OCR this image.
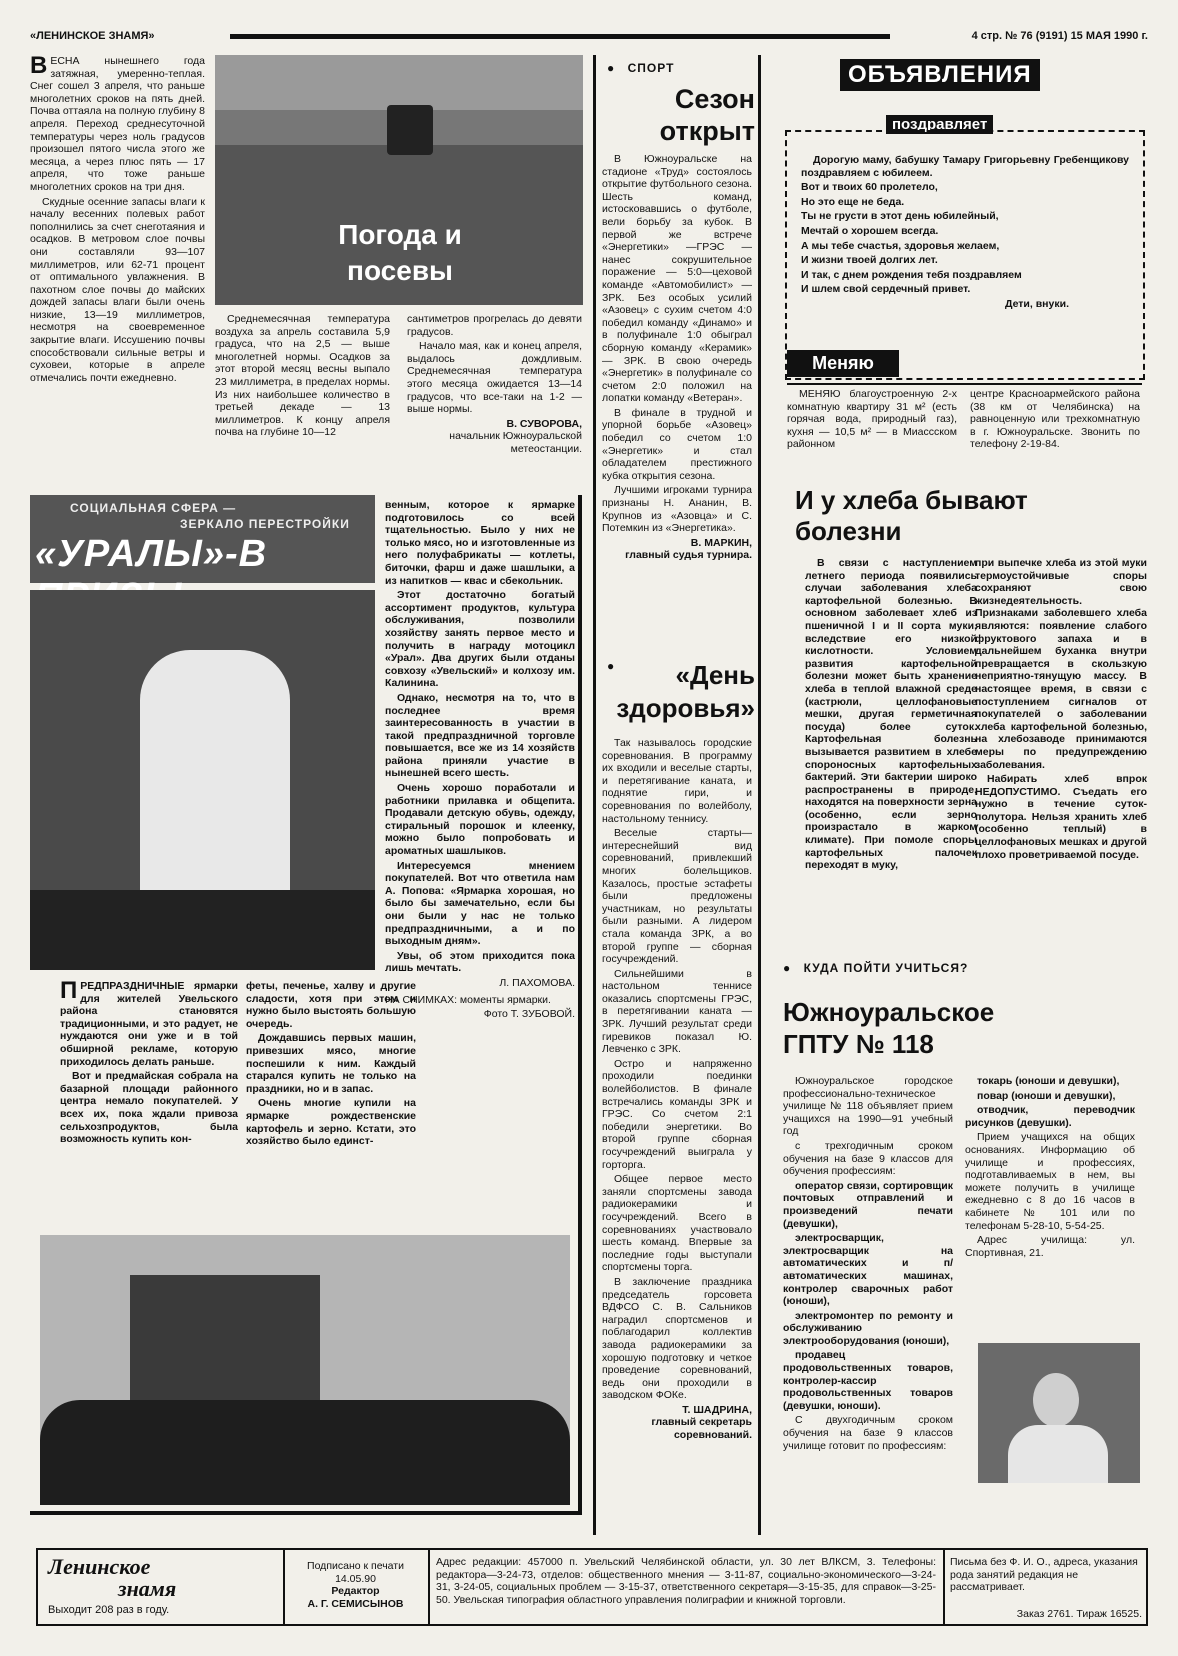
«ЛЕНИНСКОЕ ЗНАМЯ»	4 стр. № 76 (9191) 15 МАЯ 1990 г.
В ЕСНА нынешнего года затяжная, умеренно-теплая. Снег сошел 3 апреля, что раньше многолетних сроков на пять дней. Почва оттаяла на полную глубину 8 апреля. Переход среднесуточной температуры через ноль градусов произошел пятого числа этого же месяца, а через плюс пять — 17 апреля, что тоже раньше многолетних сроков на три дня.

Скудные осенние запасы влаги к началу весенних полевых работ пополнились за счет снеготаяния и осадков. В метровом слое почвы они составляли 93—107 миллиметров, или 62-71 процент от оптимального увлажнения. В пахотном слое почвы до майских дождей запасы влаги были очень низкие, 13—19 миллиметров, несмотря на своевременное закрытие влаги. Иссушению почвы способствовали сильные ветры и суховеи, которые в апреле отмечались почти ежедневно.

Погода и посевы

Среднемесячная температура воздуха за апрель составила 5,9 градуса, что на 2,5 — выше многолетней нормы. Осадков за этот второй месяц весны выпало 23 миллиметра, в пределах нормы. Из них наибольшее количество в третьей декаде — 13 миллиметров. К концу апреля почва на глубине 10—12

сантиметров прогрелась до девяти градусов.

Начало мая, как и конец апреля, выдалось дождливым. Среднемесячная температура этого месяца ожидается 13—14 градусов, что все-таки на 1-2 — выше нормы.

В. СУВОРОВА,
начальник Южноуральской метеостанции.
СОЦИАЛЬНАЯ СФЕРА —
ЗЕРКАЛО ПЕРЕСТРОЙКИ
«УРАЛЫ»-В
П РЕДПРАЗДНИЧНЫЕ ярмарки для жителей Увельского района становятся традиционными, и это радует, не нуждаются они уже и в той обширной рекламе, которую приходилось делать раньше.

Вот и предмайская собрала на базарной площади районного центра немало покупателей. У всех их, пока ждали привоза сельхозпродуктов, была возможность купить кон-

феты, печенье, халву и другие сладости, хотя при этом и нужно было выстоять большую очередь.

Дождавшись первых машин, привезших мясо, многие поспешили к ним. Каждый старался купить не только на праздники, но и в запас.

Очень многие купили на ярмарке рождественские картофель и зерно. Кстати, это хозяйство было единст-

венным, которое к ярмарке подготовилось со всей тщательностью. Было у них не только мясо, но и изготовленные из него полуфабрикаты — котлеты, биточки, фарш и даже шашлыки, а из напитков — квас и сбекольник.

Этот достаточно богатый ассортимент продуктов, культура обслуживания, позволили хозяйству занять первое место и получить в награду мотоцикл «Урал». Два других были отданы совхозу «Увельский» и колхозу им. Калинина.

Однако, несмотря на то, что в последнее время заинтересованность в участии в такой предпраздничной торговле повышается, все же из 14 хозяйств района приняли участие в нынешней всего шесть.

Очень хорошо поработали и работники прилавка и общепита. Продавали детскую обувь, одежду, стиральный порошок и клеенку, можно было попробовать и ароматных шашлыков.

Интересуемся мнением покупателей. Вот что ответила нам А. Попова: «Ярмарка хорошая, но было бы замечательно, если бы они были у нас не только предпраздничными, а и по выходным дням».

Увы, об этом приходится пока лишь мечтать.

Л. ПАХОМОВА.

НА СНИМКАХ: моменты ярмарки.

Фото Т. ЗУБОВОЙ.
● СПОРТ
Сезон открыт

В Южноуральске на стадионе «Труд» состоялось открытие футбольного сезона. Шесть команд, истосковавшись о футболе, вели борьбу за кубок. В первой же встрече «Энергетики» —ГРЭС — нанес сокрушительное поражение — 5:0—цеховой команде «Автомобилист» — ЗРК. Без особых усилий «Азовец» с сухим счетом 4:0 победил команду «Динамо» и в полуфинале 1:0 обыграл сборную команду «Керамик» — ЗРК. В свою очередь «Энергетик» в полуфинале со счетом 2:0 положил на лопатки команду «Ветеран».

В финале в трудной и упорной борьбе «Азовец» победил со счетом 1:0 «Энергетик» и стал обладателем престижного кубка открытия сезона.

Лучшими игроками турнира признаны Н. Ананин, В. Крупнов из «Азовца» и С. Потемкин из «Энергетика».

В. МАРКИН,
главный судья турнира.
●	«День здоровья»

Так называлось городские соревнования. В программу их входили и веселые старты, и перетягивание каната, и поднятие гири, и соревнования по волейболу, настольному теннису.

Веселые старты— интереснейший вид соревнований, привлекший многих болельщиков. Казалось, простые эстафеты были предложены участникам, но результаты были разными. А лидером стала команда ЗРК, а во второй группе — сборная госучреждений.

Сильнейшими в настольном теннисе оказались спортсмены ГРЭС, в перетягивании каната — ЗРК. Лучший результат среди гиревиков показал Ю. Левченко с ЗРК.

Остро и напряженно проходили поединки волейболистов. В финале встречались команды ЗРК и ГРЭС. Со счетом 2:1 победили энергетики. Во второй группе сборная госучреждений выиграла у горторга.

Общее первое место заняли спортсмены завода радиокерамики и госучреждений. Всего в соревнованиях участвовало шесть команд. Впервые за последние годы выступали спортсмены торга.

В заключение праздника председатель горсовета ВДФСО С. В. Сальников наградил спортсменов и поблагодарил коллектив завода радиокерамики за хорошую подготовку и четкое проведение соревнований, ведь они проходили в заводском ФОКе.

Т. ШАДРИНА,
главный секретарь соревнований.
ОБЪЯВЛЕНИЯ
поздравляет

Дорогую маму, бабушку Тамару Григорьевну Гребенщикову поздравляем с юбилеем.

Вот и твоих 60 пролетело,
Но это еще не беда.
Ты не грусти в этот день юбилейный,
Мечтай о хорошем всегда.
А мы тебе счастья, здоровья желаем,
И жизни твоей долгих лет.
И так, с днем рождения тебя поздравляем
И шлем свой сердечный привет.
Дети, внуки.
Меняю

МЕНЯЮ благоустроенную 2-х комнатную квартиру 31 м² (есть горячая вода, природный газ), кухня — 10,5 м² — в Миассском районном

центре Красноармейского района (38 км от Челябинска) на равноценную или трехкомнатную в г. Южноуральске. Звонить по телефону 2-19-84.

И у хлеба бывают болезни

В связи с наступлением летнего периода появились случаи заболевания хлеба картофельной болезнью. В основном заболевает хлеб из пшеничной I и II сорта муки, вследствие его низкой кислотности. Условием развития картофельной болезни может быть хранение хлеба в теплой влажной среде (кастрюли, целлофановые мешки, другая герметичная посуда) более суток. Картофельная болезнь вызывается развитием в хлебе спороносных картофельных бактерий. Эти бактерии широко распространены в природе, находятся на поверхности зерна (особенно, если зерно произрастало в жарком климате). При помоле споры картофельных палочек переходят в муку,

при выпечке хлеба из этой муки термоустойчивые споры сохраняют свою жизнедеятельность. Признаками заболевшего хлеба являются: появление слабого фруктового запаха и в дальнейшем буханка внутри превращается в скользкую неприятно-тянущую массу. В настоящее время, в связи с поступлением сигналов от покупателей о заболевании хлеба картофельной болезнью, на хлебозаводе принимаются меры по предупреждению заболевания.

Набирать хлеб впрок НЕДОПУСТИМО. Съедать его нужно в течение суток-полутора. Нельзя хранить хлеб (особенно теплый) в целлофановых мешках и другой плохо проветриваемой посуде.

● КУДА ПОЙТИ УЧИТЬСЯ?
Южноуральское
ГПТУ № 118

Южноуральское городское профессионально-техническое училище № 118 объявляет прием учащихся на 1990—91 учебный год

с трехгодичным сроком обучения на базе 9 классов для обучения профессиям:

оператор связи, сортировщик почтовых отправлений и произведений печати (девушки),

электросварщик, электросварщик на автоматических и п/автоматических машинах, контролер сварочных работ (юноши),

электромонтер по ремонту и обслуживанию электрооборудования (юноши),

продавец продовольственных товаров, контролер-кассир продовольственных товаров (девушки, юноши).

С двухгодичным сроком обучения на базе 9 классов училище готовит по профессиям:

токарь (юноши и девушки),

повар (юноши и девушки),

отводчик, переводчик рисунков (девушки).

Прием учащихся на общих основаниях. Информацию об училище и профессиях, подготавливаемых в нем, вы можете получить в училище ежедневно с 8 до 16 часов в кабинете № 101 или по телефонам 5-28-10, 5-54-25.

Адрес училища: ул. Спортивная, 21.

Ленинское
знамя
Выходит 208 раз в году.
Подписано к печати
14.05.90
Редактор
А. Г. СЕМИСЫНОВ
Адрес редакции: 457000 п. Увельский Челябинской области, ул. 30 лет ВЛКСМ, 3. Телефоны: редактора—3-24-73, отделов: общественного мнения — 3-11-87, социально-экономического—3-24-31, 3-24-05, социальных проблем — 3-15-37, ответственного секретаря—3-15-35, для справок—3-25-50. Увельская типография областного управления полиграфии и книжной торговли.
Письма без Ф. И. О., адреса, указания рода занятий редакция не рассматривает.
Заказ 2761. Тираж 16525.
